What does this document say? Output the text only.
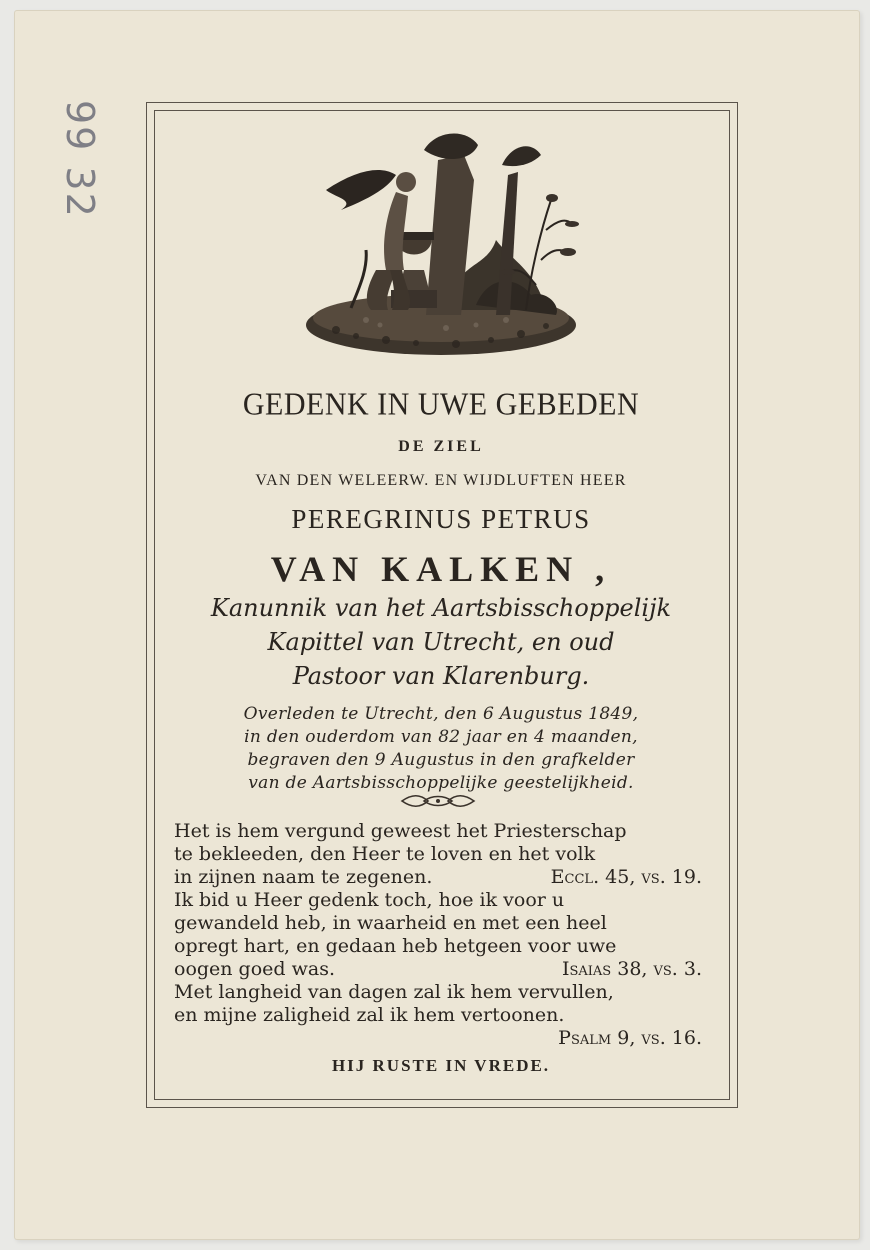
99 32
GEDENK IN UWE GEBEDEN
DE ZIEL
VAN DEN WELEERW. EN WIJDLUFTEN HEER
PEREGRINUS PETRUS
VAN KALKEN ,
Kanunnik van het Aartsbisschoppelijk
Kapittel van Utrecht, en oud
Pastoor van Klarenburg.
Overleden te Utrecht, den 6 Augustus 1849,
in den ouderdom van 82 jaar en 4 maanden,
begraven den 9 Augustus in den grafkelder
van de Aartsbisschoppelijke geestelijkheid.
Het is hem vergund geweest het Priesterschap
te bekleeden, den Heer te loven en het volk
in zijnen naam te zegenen.	Eccl. 45, vs. 19.
Ik bid u Heer gedenk toch, hoe ik voor u
gewandeld heb, in waarheid en met een heel
opregt hart, en gedaan heb hetgeen voor uwe
oogen goed was.	Isaias 38, vs. 3.
Met langheid van dagen zal ik hem vervullen,
en mijne zaligheid zal ik hem vertoonen.
Psalm 9, vs. 16.
HIJ RUSTE IN VREDE.
